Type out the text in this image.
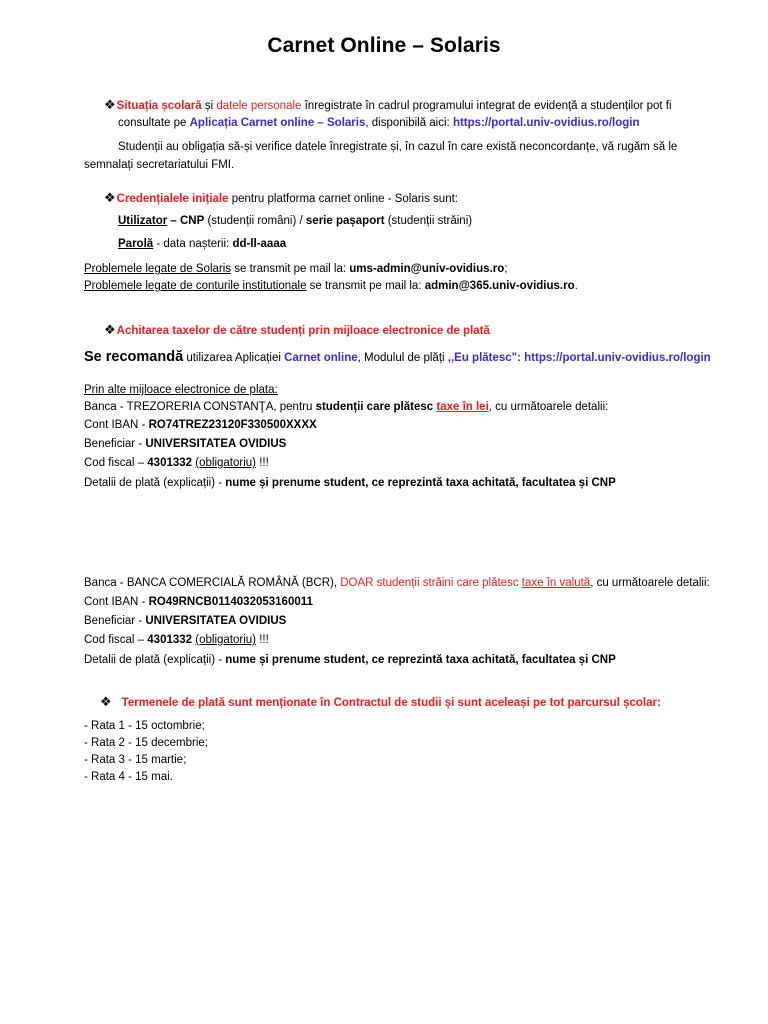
Carnet Online – Solaris
❖Situația școlară și datele personale înregistrate în cadrul programului integrat de evidență a studenților pot fi
consultate pe Aplicația Carnet online – Solaris, disponibilă aici: https://portal.univ-ovidius.ro/login
Studenții au obligația să-și verifice datele înregistrate și, în cazul în care există neconcordanțe, vă rugăm să le
semnalați secretariatului FMI.
❖Credențialele inițiale pentru platforma carnet online - Solaris sunt:
Utilizator – CNP (studenții români) / serie pașaport (studenții străini)
Parolă - data nașterii: dd-ll-aaaa
Problemele legate de Solaris se transmit pe mail la: ums-admin@univ-ovidius.ro;
Problemele legate de conturile institutionale se transmit pe mail la: admin@365.univ-ovidius.ro.
❖Achitarea taxelor de către studenți prin mijloace electronice de plată
Se recomandă utilizarea Aplicației Carnet online, Modulul de plăți ,,Eu plătesc": https://portal.univ-ovidius.ro/login
Prin alte mijloace electronice de plata:
Banca - TREZORERIA CONSTANŢA, pentru studenții care plătesc taxe în lei, cu următoarele detalii:
Cont IBAN - RO74TREZ23120F330500XXXX
Beneficiar - UNIVERSITATEA OVIDIUS
Cod fiscal – 4301332 (obligatoriu) !!!
Detalii de plată (explicații) - nume și prenume student, ce reprezintă taxa achitată, facultatea și CNP
Banca - BANCA COMERCIALĂ ROMÂNĂ (BCR), DOAR studenții străini care plătesc taxe în valută, cu următoarele detalii:
Cont IBAN - RO49RNCB0114032053160011
Beneficiar - UNIVERSITATEA OVIDIUS
Cod fiscal – 4301332 (obligatoriu) !!!
Detalii de plată (explicații) - nume și prenume student, ce reprezintă taxa achitată, facultatea și CNP
❖ Termenele de plată sunt menționate în Contractul de studii și sunt aceleași pe tot parcursul școlar:
- Rata 1 - 15 octombrie;
- Rata 2 - 15 decembrie;
- Rata 3 - 15 martie;
- Rata 4 - 15 mai.
